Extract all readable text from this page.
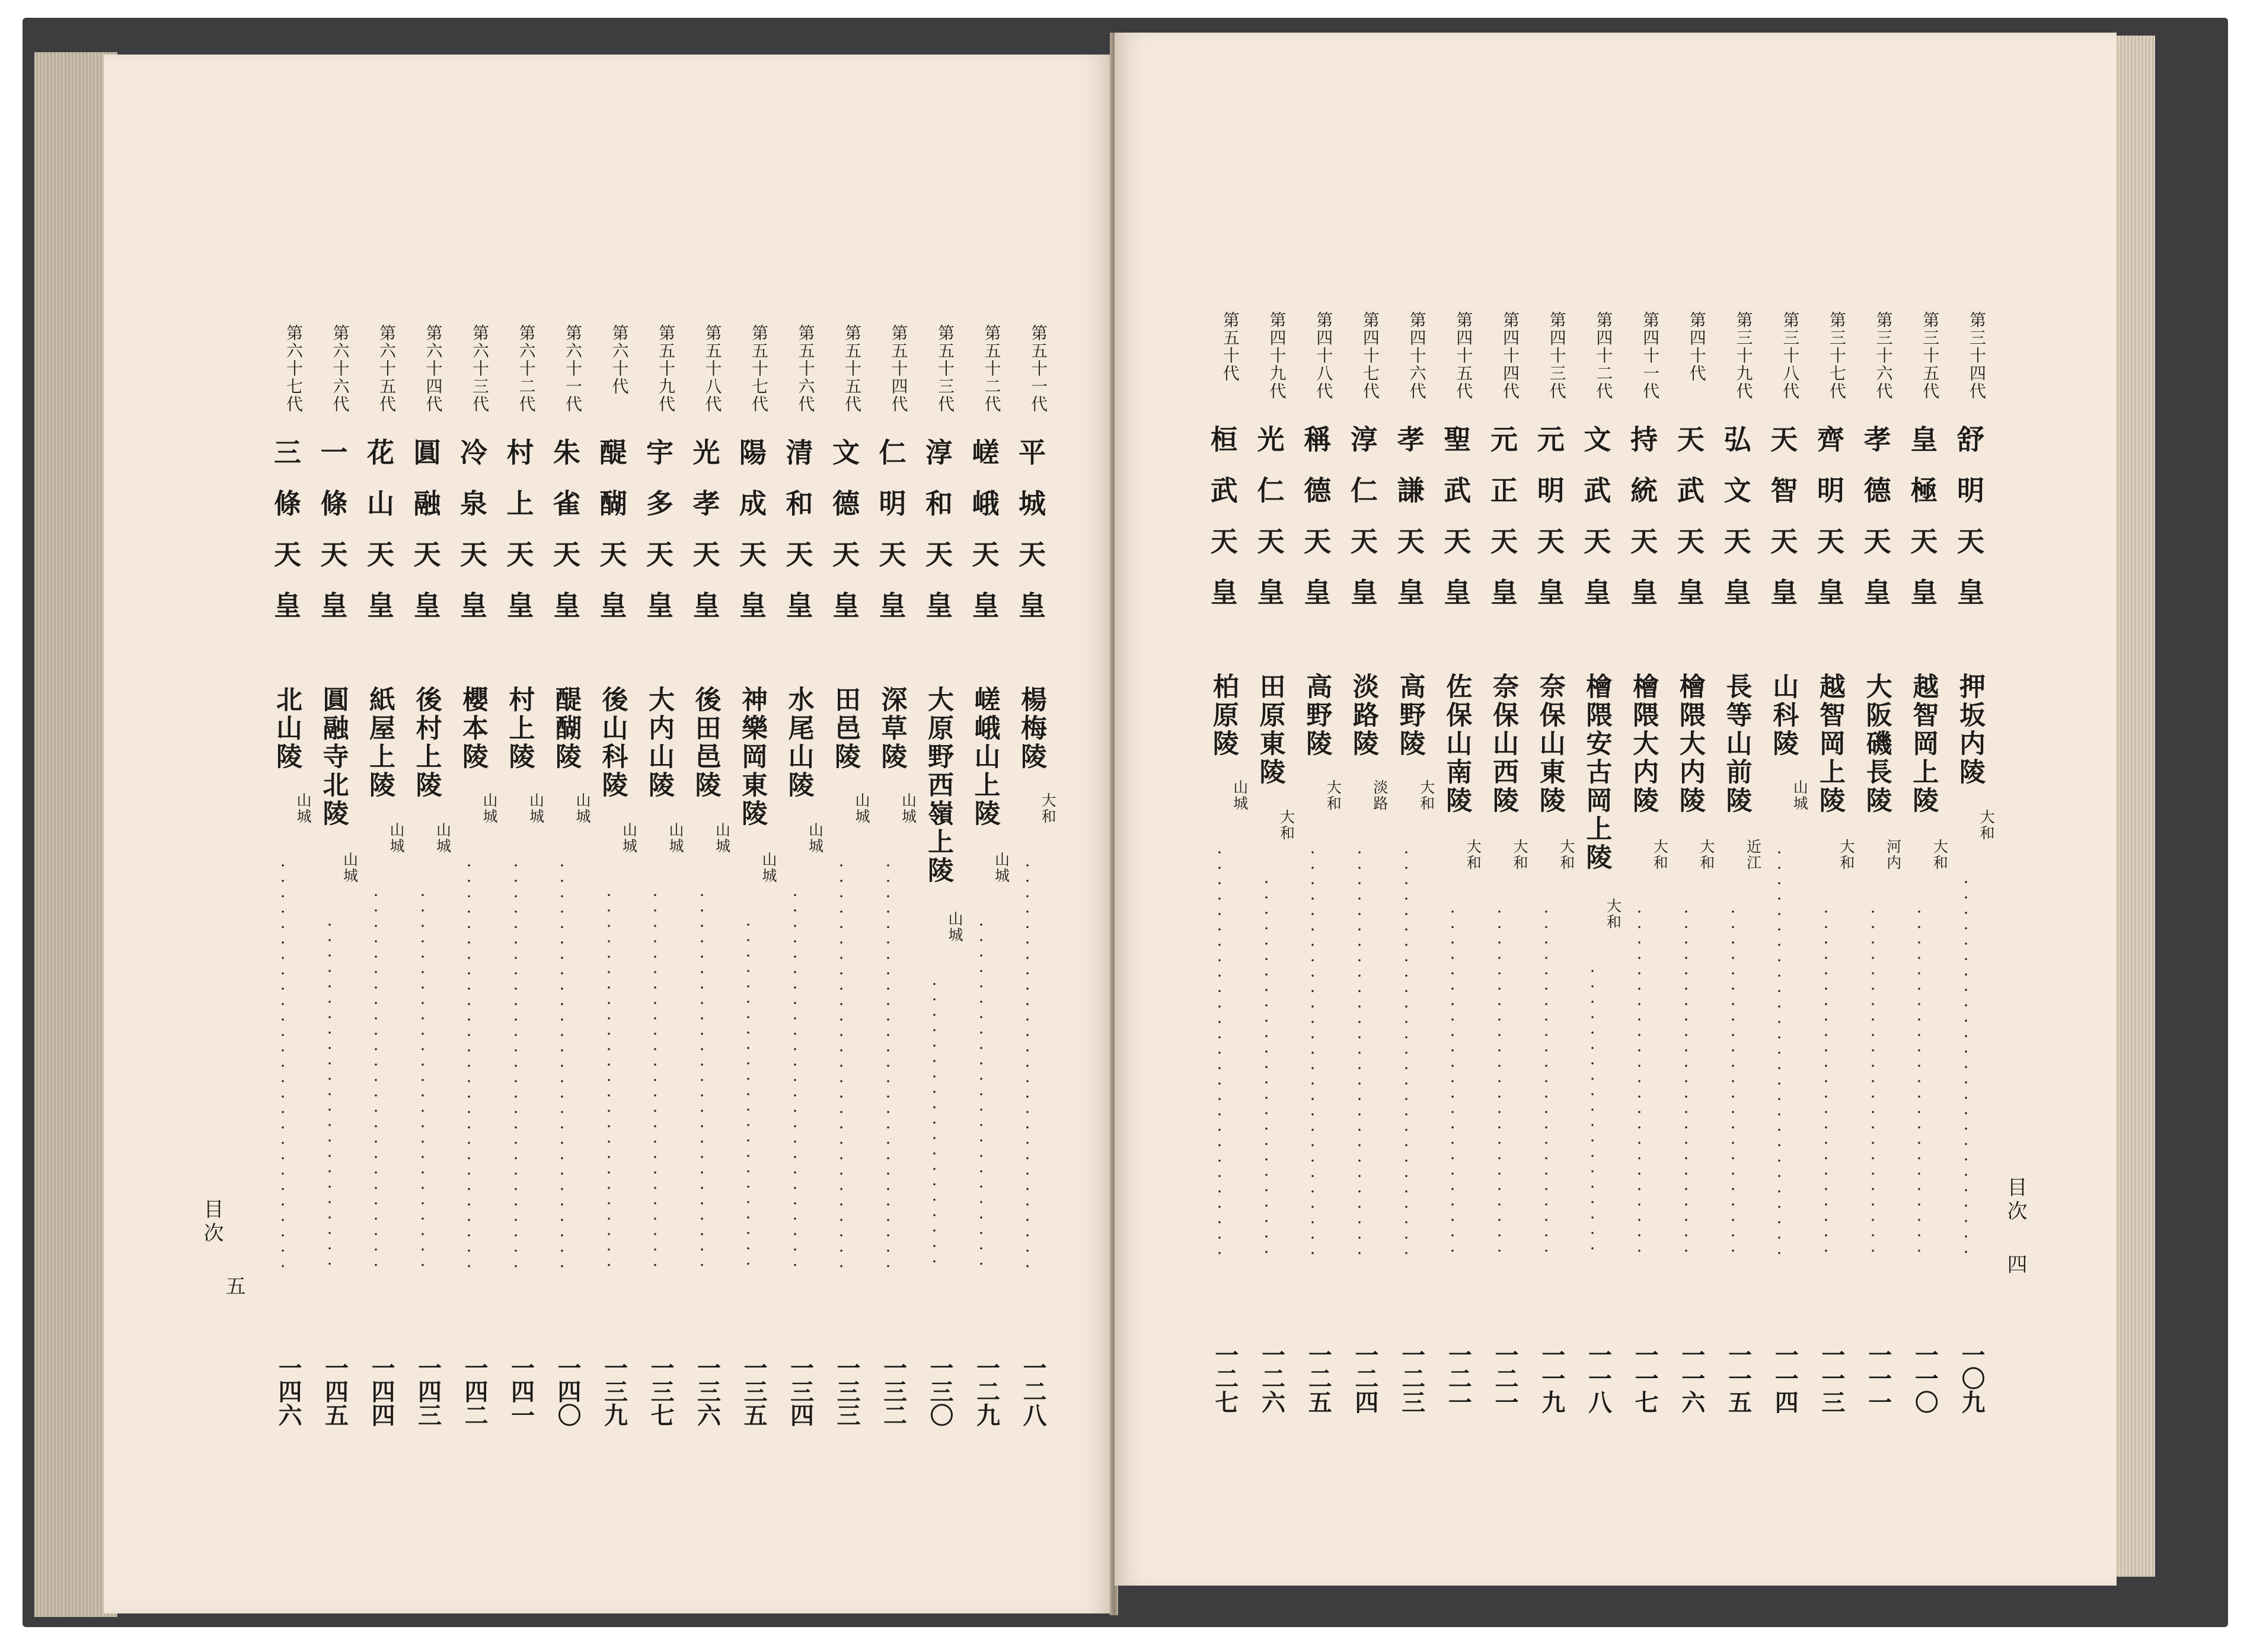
第五十一代
平城天皇
楊梅陵
大和
一二八
第五十二代
嵯峨天皇
嵯峨山上陵
山城
一二九
第五十三代
淳和天皇
大原野西嶺上陵
山城
一三〇
第五十四代
仁明天皇
深草陵
山城
一三二
第五十五代
文德天皇
田邑陵
山城
一三三
第五十六代
清和天皇
水尾山陵
山城
一三四
第五十七代
陽成天皇
神樂岡東陵
山城
一三五
第五十八代
光孝天皇
後田邑陵
山城
一三六
第五十九代
宇多天皇
大内山陵
山城
一三七
第六十代
醍醐天皇
後山科陵
山城
一三九
第六十一代
朱雀天皇
醍醐陵
山城
一四〇
第六十二代
村上天皇
村上陵
山城
一四一
第六十三代
冷泉天皇
櫻本陵
山城
一四二
第六十四代
圓融天皇
後村上陵
山城
一四三
第六十五代
花山天皇
紙屋上陵
山城
一四四
第六十六代
一條天皇
圓融寺北陵
山城
一四五
第六十七代
三條天皇
北山陵
山城
一四六
目次
五
第三十四代
舒明天皇
押坂内陵
大和
一〇九
第三十五代
皇極天皇
越智岡上陵
大和
一一〇
第三十六代
孝德天皇
大阪磯長陵
河内
一一一
第三十七代
齊明天皇
越智岡上陵
大和
一一三
第三十八代
天智天皇
山科陵
山城
一一四
第三十九代
弘文天皇
長等山前陵
近江
一一五
第四十代
天武天皇
檜隈大内陵
大和
一一六
第四十一代
持統天皇
檜隈大内陵
大和
一一七
第四十二代
文武天皇
檜隈安古岡上陵
大和
一一八
第四十三代
元明天皇
奈保山東陵
大和
一一九
第四十四代
元正天皇
奈保山西陵
大和
一二一
第四十五代
聖武天皇
佐保山南陵
大和
一二一
第四十六代
孝謙天皇
高野陵
大和
一二三
第四十七代
淳仁天皇
淡路陵
淡路
一二四
第四十八代
稱德天皇
高野陵
大和
一二五
第四十九代
光仁天皇
田原東陵
大和
一二六
第五十代
桓武天皇
柏原陵
山城
一二七
目次
四
